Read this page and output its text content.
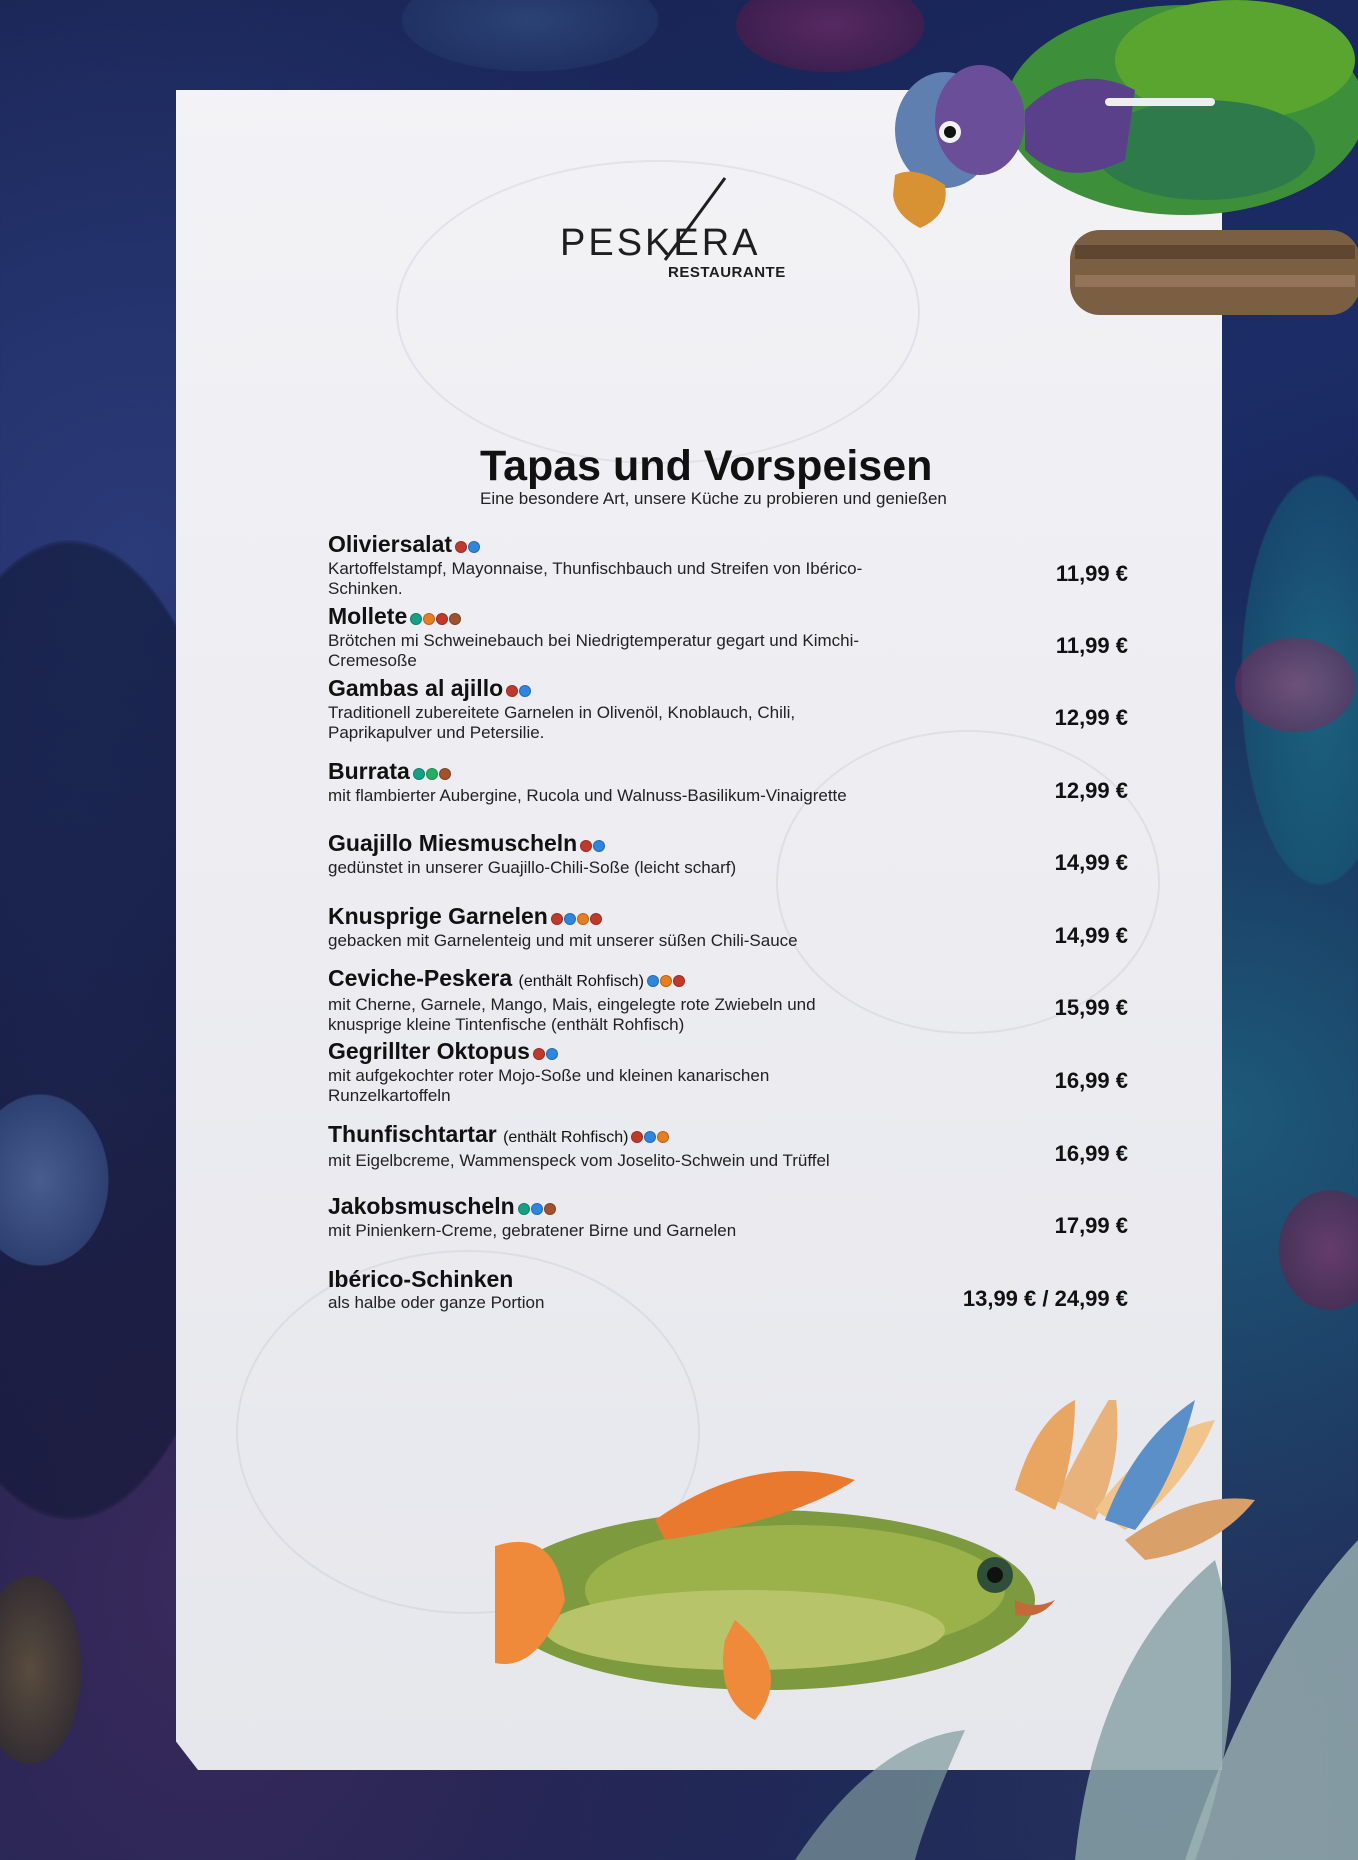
PESKERA
RESTAURANTE
Tapas und Vorspeisen

Eine besondere Art, unsere Küche zu probieren und genießen

Oliviersalat
Kartoffelstampf, Mayonnaise, Thunfischbauch und Streifen von Ibérico-Schinken.
11,99 €
Mollete
Brötchen mi Schweinebauch bei Niedrigtemperatur gegart und Kimchi-Cremesoße
11,99 €
Gambas al ajillo
Traditionell zubereitete Garnelen in Olivenöl, Knoblauch, Chili, Paprikapulver und Petersilie.
12,99 €
Burrata
mit flambierter Aubergine, Rucola und Walnuss-Basilikum-Vinaigrette	12,99 €
Guajillo Miesmuscheln
gedünstet in unserer Guajillo-Chili-Soße (leicht scharf)	14,99 €
Knusprige Garnelen
gebacken mit Garnelenteig und mit unserer süßen Chili-Sauce	14,99 €
Ceviche-Peskera (enthält Rohfisch)
mit Cherne, Garnele, Mango, Mais, eingelegte rote Zwiebeln und knusprige kleine Tintenfische (enthält Rohfisch)
15,99 €
Gegrillter Oktopus
mit aufgekochter roter Mojo-Soße und kleinen kanarischen Runzelkartoffeln
16,99 €
Thunfischtartar (enthält Rohfisch)
mit Eigelbcreme, Wammenspeck vom Joselito-Schwein und Trüffel	16,99 €
Jakobsmuscheln
mit Pinienkern-Creme, gebratener Birne und Garnelen	17,99 €
Ibérico-Schinken
als halbe oder ganze Portion	13,99 € / 24,99 €
